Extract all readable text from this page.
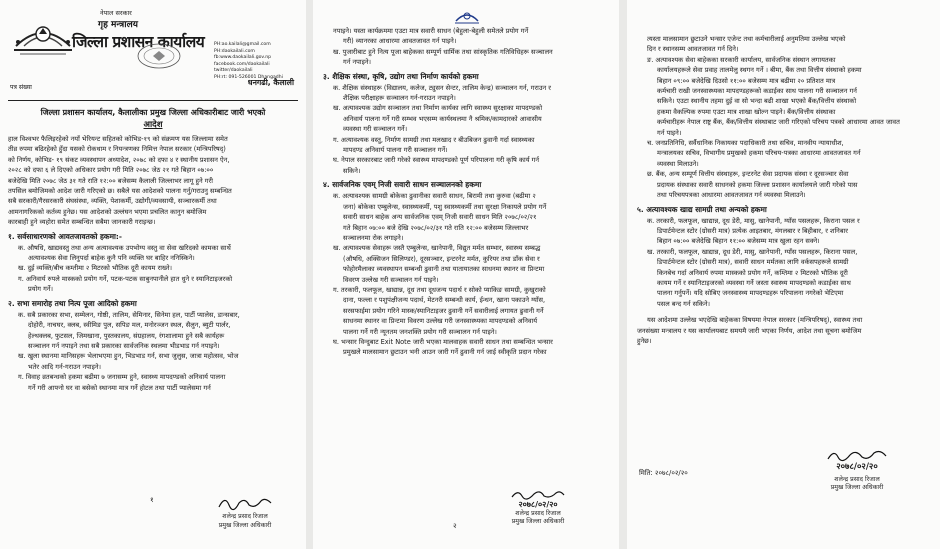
नेपाल सरकार
गृह मन्त्रालय
जिल्ला प्रशासन कार्यालय PH:ao.kailali@gmail.com
PH:daokailali.com
fb:www.daokailali.gov.np
facebook.com/daokailali
twitter/daokailali
PH:rt: 091-526001 Dhangadhi
धनगढी, कैलाली
पत्र संख्या

जिल्ला प्रशासन कार्यालय, कैलालीका प्रमुख जिल्ला अधिकारीबाट जारी भएको

आदेश

हाल विश्वभर फैलिइरहेको नयाँ भेरियन्ट सहितको कोभिड-१९ को संक्रमण यस जिल्लामा समेत

तीव्र रुपमा बढिरहेको हुँदा यसको रोकथाम र नियन्त्रणका निमित्त नेपाल सरकार (मन्त्रिपरिषद्)

को निर्णय, कोभिड- १९ संकट व्यवस्थापन अध्यादेश, २०७८ को दफा ४ र स्थानीय प्रशासन ऐन,

२०२८ को दफा ६ ले दिएको अधिकार प्रयोग गरी मिति २०७८ जेठ २१ गते बिहान ०७:००

बजेदेखि मिति २०७८ जेठ ३१ गते राति १२:०० बजेसम्म कैलाली जिल्लाभर लागू हुने गरी

तपसिल बमोजिमको आदेश जारी गरिएको छ। सबैले यस आदेशको पालना गर्नु/गराउनु सम्बन्धित

सबै सरकारी/गैरसरकारी संघसंस्था, व्यक्ति, पेशाकर्मी, उद्योगी/व्यवसायी, सञ्चारकर्मी तथा

आमनागरिकको कर्तव्य हुनेछ। यस आदेशको उल्लंघन भएमा प्रचलित कानुन बमोजिम

कारबाही हुने व्यहोरा समेत सम्बन्धित सबैमा जानकारी गराइन्छ।

१. सर्वसाधारणको आवतजावतको हकमा:-

क. औषधि, खाद्यवस्तु तथा अन्य अत्यावश्यक उपभोग्य वस्तु वा सेवा खरिदको कामका सार्थे

अत्यावश्यक सेवा लिनुपर्दा बाहेक कुनै पनि व्यक्ति घर बाहिर ननिस्किने।

ख. दुई व्यक्ति/बीच कम्तीमा २ मिटरको भौतिक दूरी कायम राख्ने।

ग. अनिवार्य रुपले मास्कको प्रयोग गर्ने, पटक-पटक साबुनपानीले हात धुने र स्यानिटाइजरको

प्रयोग गर्ने।

२. सभा समारोह तथा नित्य पूजा आदिको हकमा

क. सबै प्रकारका सभा, सम्मेलन, गोष्ठी, तालिम, सेमिनार, सिनेमा हल, पार्टी प्यालेस, डान्सबार,

दोहोरी, नाचघर, क्लब, स्वीमिङ पुल, सपिङ मल, मनोरञ्जन स्थल, सैलुन, ब्युटी पार्लर,

हेल्थक्लब, फुटसल, जिमखाना, पुस्तकालय, संग्रहालय, रंगशालामा हुने सबै कार्यहरू

सञ्चालन गर्न नपाइने तथा सबै प्रकारका सार्वजनिक स्थलमा भीडभाड गर्न नपाइने।

ख. खुला स्थानमा मानिसहरू भेलाभएमा हुन, भिडभाड गर्न, सभा जुलुस, जात्रा महोत्सव, भोज

भतेर आदि गर्न-गराउन नपाइने।

ग. विवाह व्रतबन्धको हकमा बढीमा ७ जनासम्म हुने, स्वास्थ्य मापदण्डको अनिवार्य पालना

गर्ने गरी आफ्नो घर वा बसेको स्थानमा मात्र गर्ने होटल तथा पार्टी प्यालेसमा गर्न

१
शलेन्द्र प्रसाद रिजाल
प्रमुख जिल्ला अधिकारी

नपाइने। यस्ता कार्यक्रममा एउटा मात्र सवारी साधन (बेहुला-बेहुली समेतले प्रयोग गर्ने

गरी) व्यानरका आधारमा आवतजावत गर्न पाइने।

ख. पुजारीबाट हुने नित्य पूजा बाहेकका सम्पूर्ण धार्मिक तथा सांस्कृतिक गतिविधिहरू सञ्चालन

गर्न नपाइने।

३. शैक्षिक संस्था, कृषि, उद्योग तथा निर्माण कार्यको हकमा

क. शैक्षिक संस्थाहरू (विद्यालय, कलेज, ट्युसन सेन्टर, तालिम केन्द्र) सञ्चालन गर्न, गराउन र

शैक्षिक परीक्षाहरू सञ्चालन गर्न-गराउन नपाइने।

ख. अत्यावश्यक उद्योग सञ्चालन तथा निर्माण कार्यका लागि स्वास्थ्य सुरक्षाका मापदण्डको

अनिवार्य पालना गर्ने गरी सम्भव भएसम्म कार्यस्थलमा नै श्रमिक/कामदारको आवासीय

व्यवस्था गरी सञ्चालन गर्ने।

ग. अत्यावश्यक वस्तु, निर्माण सामग्री तथा मलखाद र बीउबिजन ढुवानी गर्दा स्वास्थ्यका

मापदण्ड अनिवार्य पालना गरी सञ्चालन गर्ने।

घ. नेपाल सरकारबाट जारी गरेको स्वास्थ्य मापदण्डको पूर्ण परिपालना गरी कृषि कार्य गर्न

सकिने।

४. सार्वजनिक एवम् निजी सवारी साधन सञ्चालनको हकमा

क. अत्यावश्यक सामग्री बोकेका ढुवानीका सवारी साधन, बिरामी तथा कुरुवा (बढीमा २

जना) बोकेका एम्बुलेन्स, स्वास्थ्यकर्मी, पशु स्वास्थ्यकर्मी तथा सुरक्षा निकायले प्रयोग गर्ने

सवारी साधन बाहेक अन्य सार्वजनिक एवम् निजी सवारी साधन मिति २०७८/०२/२१

गते बिहान ०७:०० बजे देखि २०७८/०२/३१ गते राति १२:०० बजेसम्म जिल्लाभर

सञ्चालनमा रोक लगाइने।

ख. अत्यावश्यक सेवाहरू जस्तै एम्बुलेन्स, खानेपानी, विद्युत मर्मत सम्भार, स्वास्थ्य सम्बद्ध

(औषधि, अक्सिजन सिलिण्डर), दूरसञ्चार, इन्टरनेट मर्मत, कुरियर तथा डाँक सेवा र

फोहोरमैलाका व्यवस्थापन सम्बन्धी ढुवानी तथा यातायातका साधनमा स्थानर वा प्रिन्टमा

विवरण उल्लेख गरी सञ्चालन गर्न पाइने।

ग. तरकारी, फलफूल, खाद्यान्न, दूध तथा दूधजन्य पदार्थ र सोको प्याकिङ सामग्री, कुखुराको

दाना, फल्ला र पशुपंक्षीजन्य पदार्थ, मेटनरी सम्बन्धी कार्य, ईन्धन, खाना पकाउने ग्याँस,

सरसफाईमा प्रयोग गरिने मास्क/स्यानिटाइजर ढुवानी गर्ने सवारीलाई लगायत ढुवानी गर्ने

साधनमा स्थानर वा प्रिन्टमा विवरण उल्लेख गरी जनस्वास्थ्यका मापदण्डको अनिवार्य

पालना गर्ने गरी न्यूनतम जनशक्ति प्रयोग गरी सञ्चालन गर्न पाइने।

घ. भन्सार विन्दुबाट Exit Note जारी भएका मालवाहक सवारी साधन तथा सम्बन्धित भन्सार

प्रमुखले मालसामान छुटाउन भनी आउन जारी गर्ने ढुवानी गर्न जाई स्वीकृति प्रदान गरेका

२
२०७८/०२/२०
शलेन्द्र प्रसाद रिजाल
प्रमुख जिल्ला अधिकारी

त्यस्ता मालसामान छुटाउने भन्सार एजेन्ट तथा कर्मचारीलाई अनुमतिमा उल्लेख भएको

दिन र स्थानसम्म आवतजावत गर्न दिने।

ङ. अत्यावश्यक सेवा बाहेकका सरकारी कार्यालय, सार्वजनिक संस्थान लगायतका

कार्यालयहरूले सेवा प्रवाह तालमेलु स्थगन गर्ने । बीमा, बैंक तथा वित्तीय संस्थाको हकमा

बिहान ०९:०० बजेदेखि दिउसो ११:०० बजेसम्म मात्र बढीमा २० प्रतिशत मात्र

कर्मचारी राखी जनस्वास्थ्यका मापदण्डहरूको कडाईका साथ पालना गरी सञ्चालन गर्न

सकिने। एउटा स्थानीय तहमा दुई वा सो भन्दा बढी शाखा भएको बैंक/वित्तीय संस्थाको

हकमा वैकल्पिक रुपमा एउटा मात्र शाखा खोल्न पाइने। बैंक/वित्तीय संस्थाका

कर्मचारीहरू नेपाल राष्ट्र बैंक, बैंक/वित्तीय संस्थाबाट जारी गरिएको परिचय पत्रको आधारमा आवत जावत

गर्न पाइने।

च. जनप्रतिनिधि, सर्वैधानिक निकायका पदाधिकारी तथा सचिव, मानवीय न्यायाधीश,

मन्त्रालयका सचिव, विभागीय प्रमुखको हकमा परिचय-पत्रका आधारमा आवतजावत गर्न

व्यवस्था मिलाउने।

छ. बैंक, अन्य सम्पूर्ण वित्तीय संस्थाहरू, इन्टरनेट सेवा प्रदायक संस्था र दूरसञ्चार सेवा

प्रदायक संस्थाका सवारी साधनको हकमा जिल्ला प्रशासन कार्यालयले जारी गरेको पास

तथा परिचयपत्रका आधारमा आवतजावत गर्न व्यवस्था मिलाउने।

५. अत्यावश्यक खाद्य सामग्री तथा अन्यको हकमा

क. तरकारी, फलफूल, खाद्यान्न, दूध डेरी, मासु, खानेपानी, ग्याँस पसलहरू, किराना पसल र

डिपार्टमेन्टल स्टोर (ग्रोसरी मात्र) प्रत्येक आइतबार, मंगलबार र बिहीबार, र शनिबार

बिहान ०७:०० बजेदेखि बिहान ११:०० बजेसम्म मात्र खुला रहन सक्ने।

ख. तरकारी, फलफूल, खाद्यान्न, दूध डेरी, मासु, खानेपानी, ग्याँस पसलहरू, किराना पसल,

डिपार्टमेन्टल स्टोर (ग्रोसरी मात्र), सवारी साधन मर्मतका लागि वर्कसपहरूले सामग्री

किनबेच गर्दा अनिवार्य रुपमा मास्कको प्रयोग गर्ने, कम्तिमा २ मिटरको भौतिक दूरी

कायम गर्ने र स्यानिटाइजरको व्यवस्था गर्ने जस्ता स्वास्थ्य मापदण्डको कडाईका साथ

पालना गर्नुपर्ने। यदि सोबिए जनस्वास्थ्य मापदण्डहरू परिपालना नगरेको भेटिएमा

पसल बन्द गर्न सकिने।

यस आदेशमा उल्लेख भएदेखि बाहेकका विषयमा नेपाल सरकार (मन्त्रिपरिषद्), स्वास्थ्य तथा

जनसंख्या मन्त्रालय र यस कार्यालयबाट समयमै जारी भएका निर्णय, आदेश तथा सूचना बमोजिम

हुनेछ।

मिति: २०७८/०२/२०
२०७८/०२/२०
शलेन्द्र प्रसाद रिजाल
प्रमुख जिल्ला अधिकारी
